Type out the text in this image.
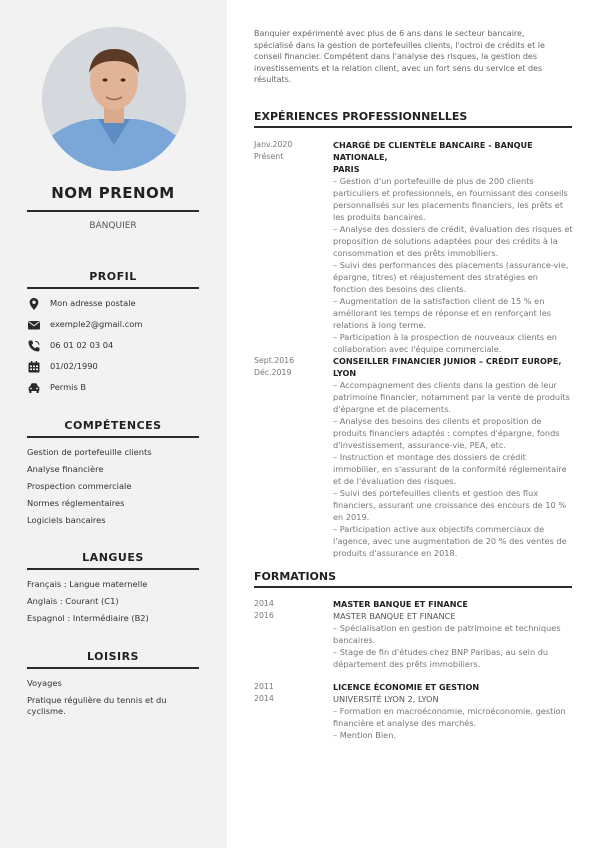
NOM PRENOM
BANQUIER
PROFIL
Mon adresse postale
exemple2@gmail.com
06 01 02 03 04
01/02/1990
Permis B
COMPÉTENCES
Gestion de portefeuille clients
Analyse financière
Prospection commerciale
Normes réglementaires
Logiciels bancaires
LANGUES
Français : Langue maternelle
Anglais : Courant (C1)
Espagnol : Intermédiaire (B2)
LOISIRS
Voyages
Pratique régulière du tennis et du
cyclisme.
Banquier expérimenté avec plus de 6 ans dans le secteur bancaire,
spécialisé dans la gestion de portefeuilles clients, l'octroi de crédits et le
conseil financier. Compétent dans l'analyse des risques, la gestion des
investissements et la relation client, avec un fort sens du service et des
résultats.
EXPÉRIENCES PROFESSIONNELLES
Janv.2020
Présent
CHARGÉ DE CLIENTÈLE BANCAIRE - BANQUE NATIONALE,
PARIS
– Gestion d'un portefeuille de plus de 200 clients
particuliers et professionnels, en fournissant des conseils
personnalisés sur les placements financiers, les prêts et
les produits bancaires.
– Analyse des dossiers de crédit, évaluation des risques et
proposition de solutions adaptées pour des crédits à la
consommation et des prêts immobiliers.
– Suivi des performances des placements (assurance-vie,
épargne, titres) et réajustement des stratégies en
fonction des besoins des clients.
– Augmentation de la satisfaction client de 15 % en
améliorant les temps de réponse et en renforçant les
relations à long terme.
– Participation à la prospection de nouveaux clients en
collaboration avec l'équipe commerciale.
Sept.2016
Déc.2019
CONSEILLER FINANCIER JUNIOR – CRÉDIT EUROPE, LYON
– Accompagnement des clients dans la gestion de leur
patrimoine financier, notamment par la vente de produits
d'épargne et de placements.
– Analyse des besoins des clients et proposition de
produits financiers adaptés : comptes d'épargne, fonds
d'investissement, assurance-vie, PEA, etc.
– Instruction et montage des dossiers de crédit
immobilier, en s'assurant de la conformité réglementaire
et de l'évaluation des risques.
– Suivi des portefeuilles clients et gestion des flux
financiers, assurant une croissance des encours de 10 %
en 2019.
– Participation active aux objectifs commerciaux de
l'agence, avec une augmentation de 20 % des ventes de
produits d'assurance en 2018.
FORMATIONS
2014
2016
MASTER BANQUE ET FINANCE
MASTER BANQUE ET FINANCE
– Spécialisation en gestion de patrimoine et techniques
bancaires.
– Stage de fin d'études chez BNP Paribas, au sein du
département des prêts immobiliers.
2011
2014
LICENCE ÉCONOMIE ET GESTION
UNIVERSITÉ LYON 2, LYON
– Formation en macroéconomie, microéconomie, gestion
financière et analyse des marchés.
– Mention Bien.
